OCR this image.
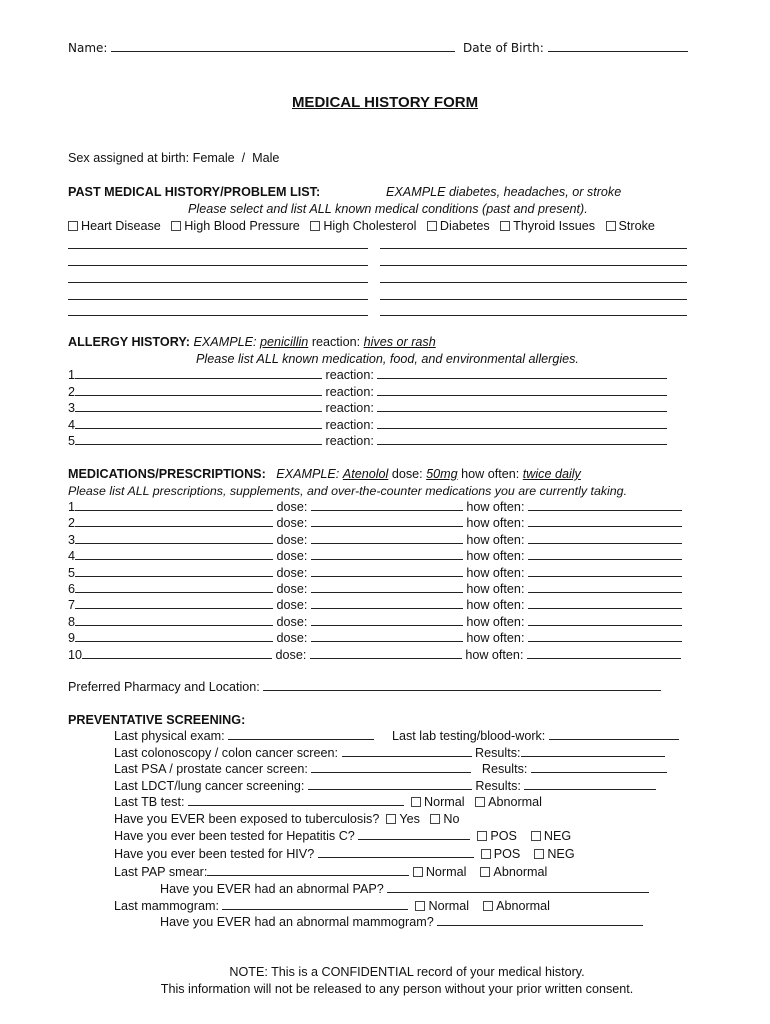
Name:	Date of Birth:
MEDICAL HISTORY FORM
Sex assigned at birth: Female  /  Male
PAST MEDICAL HISTORY/PROBLEM LIST:	EXAMPLE diabetes, headaches, or stroke
Please select and list ALL known medical conditions (past and present).
Heart Disease High Blood Pressure High Cholesterol Diabetes Thyroid Issues Stroke
ALLERGY HISTORY: EXAMPLE: penicillin reaction: hives or rash
Please list ALL known medication, food, and environmental allergies.
1	reaction:
2	reaction:
3	reaction:
4	reaction:
5	reaction:
MEDICATIONS/PRESCRIPTIONS: EXAMPLE: Atenolol dose: 50mg how often: twice daily
Please list ALL prescriptions, supplements, and over-the-counter medications you are currently taking.
1	dose:	how often:
2	dose:	how often:
3	dose:	how often:
4	dose:	how often:
5	dose:	how often:
6	dose:	how often:
7	dose:	how often:
8	dose:	how often:
9	dose:	how often:
10	dose:	how often:
Preferred Pharmacy and Location:
PREVENTATIVE SCREENING:
Last physical exam:	Last lab testing/blood-work:
Last colonoscopy / colon cancer screen:	Results:
Last PSA / prostate cancer screen:	Results:
Last LDCT/lung cancer screening:	Results:
Last TB test:	Normal Abnormal
Have you EVER been exposed to tuberculosis? Yes No
Have you ever been tested for Hepatitis C?	POS NEG
Have you ever been tested for HIV?	POS NEG
Last PAP smear:	Normal Abnormal
Have you EVER had an abnormal PAP?
Last mammogram:	Normal Abnormal
Have you EVER had an abnormal mammogram?
NOTE: This is a CONFIDENTIAL record of your medical history.
This information will not be released to any person without your prior written consent.
